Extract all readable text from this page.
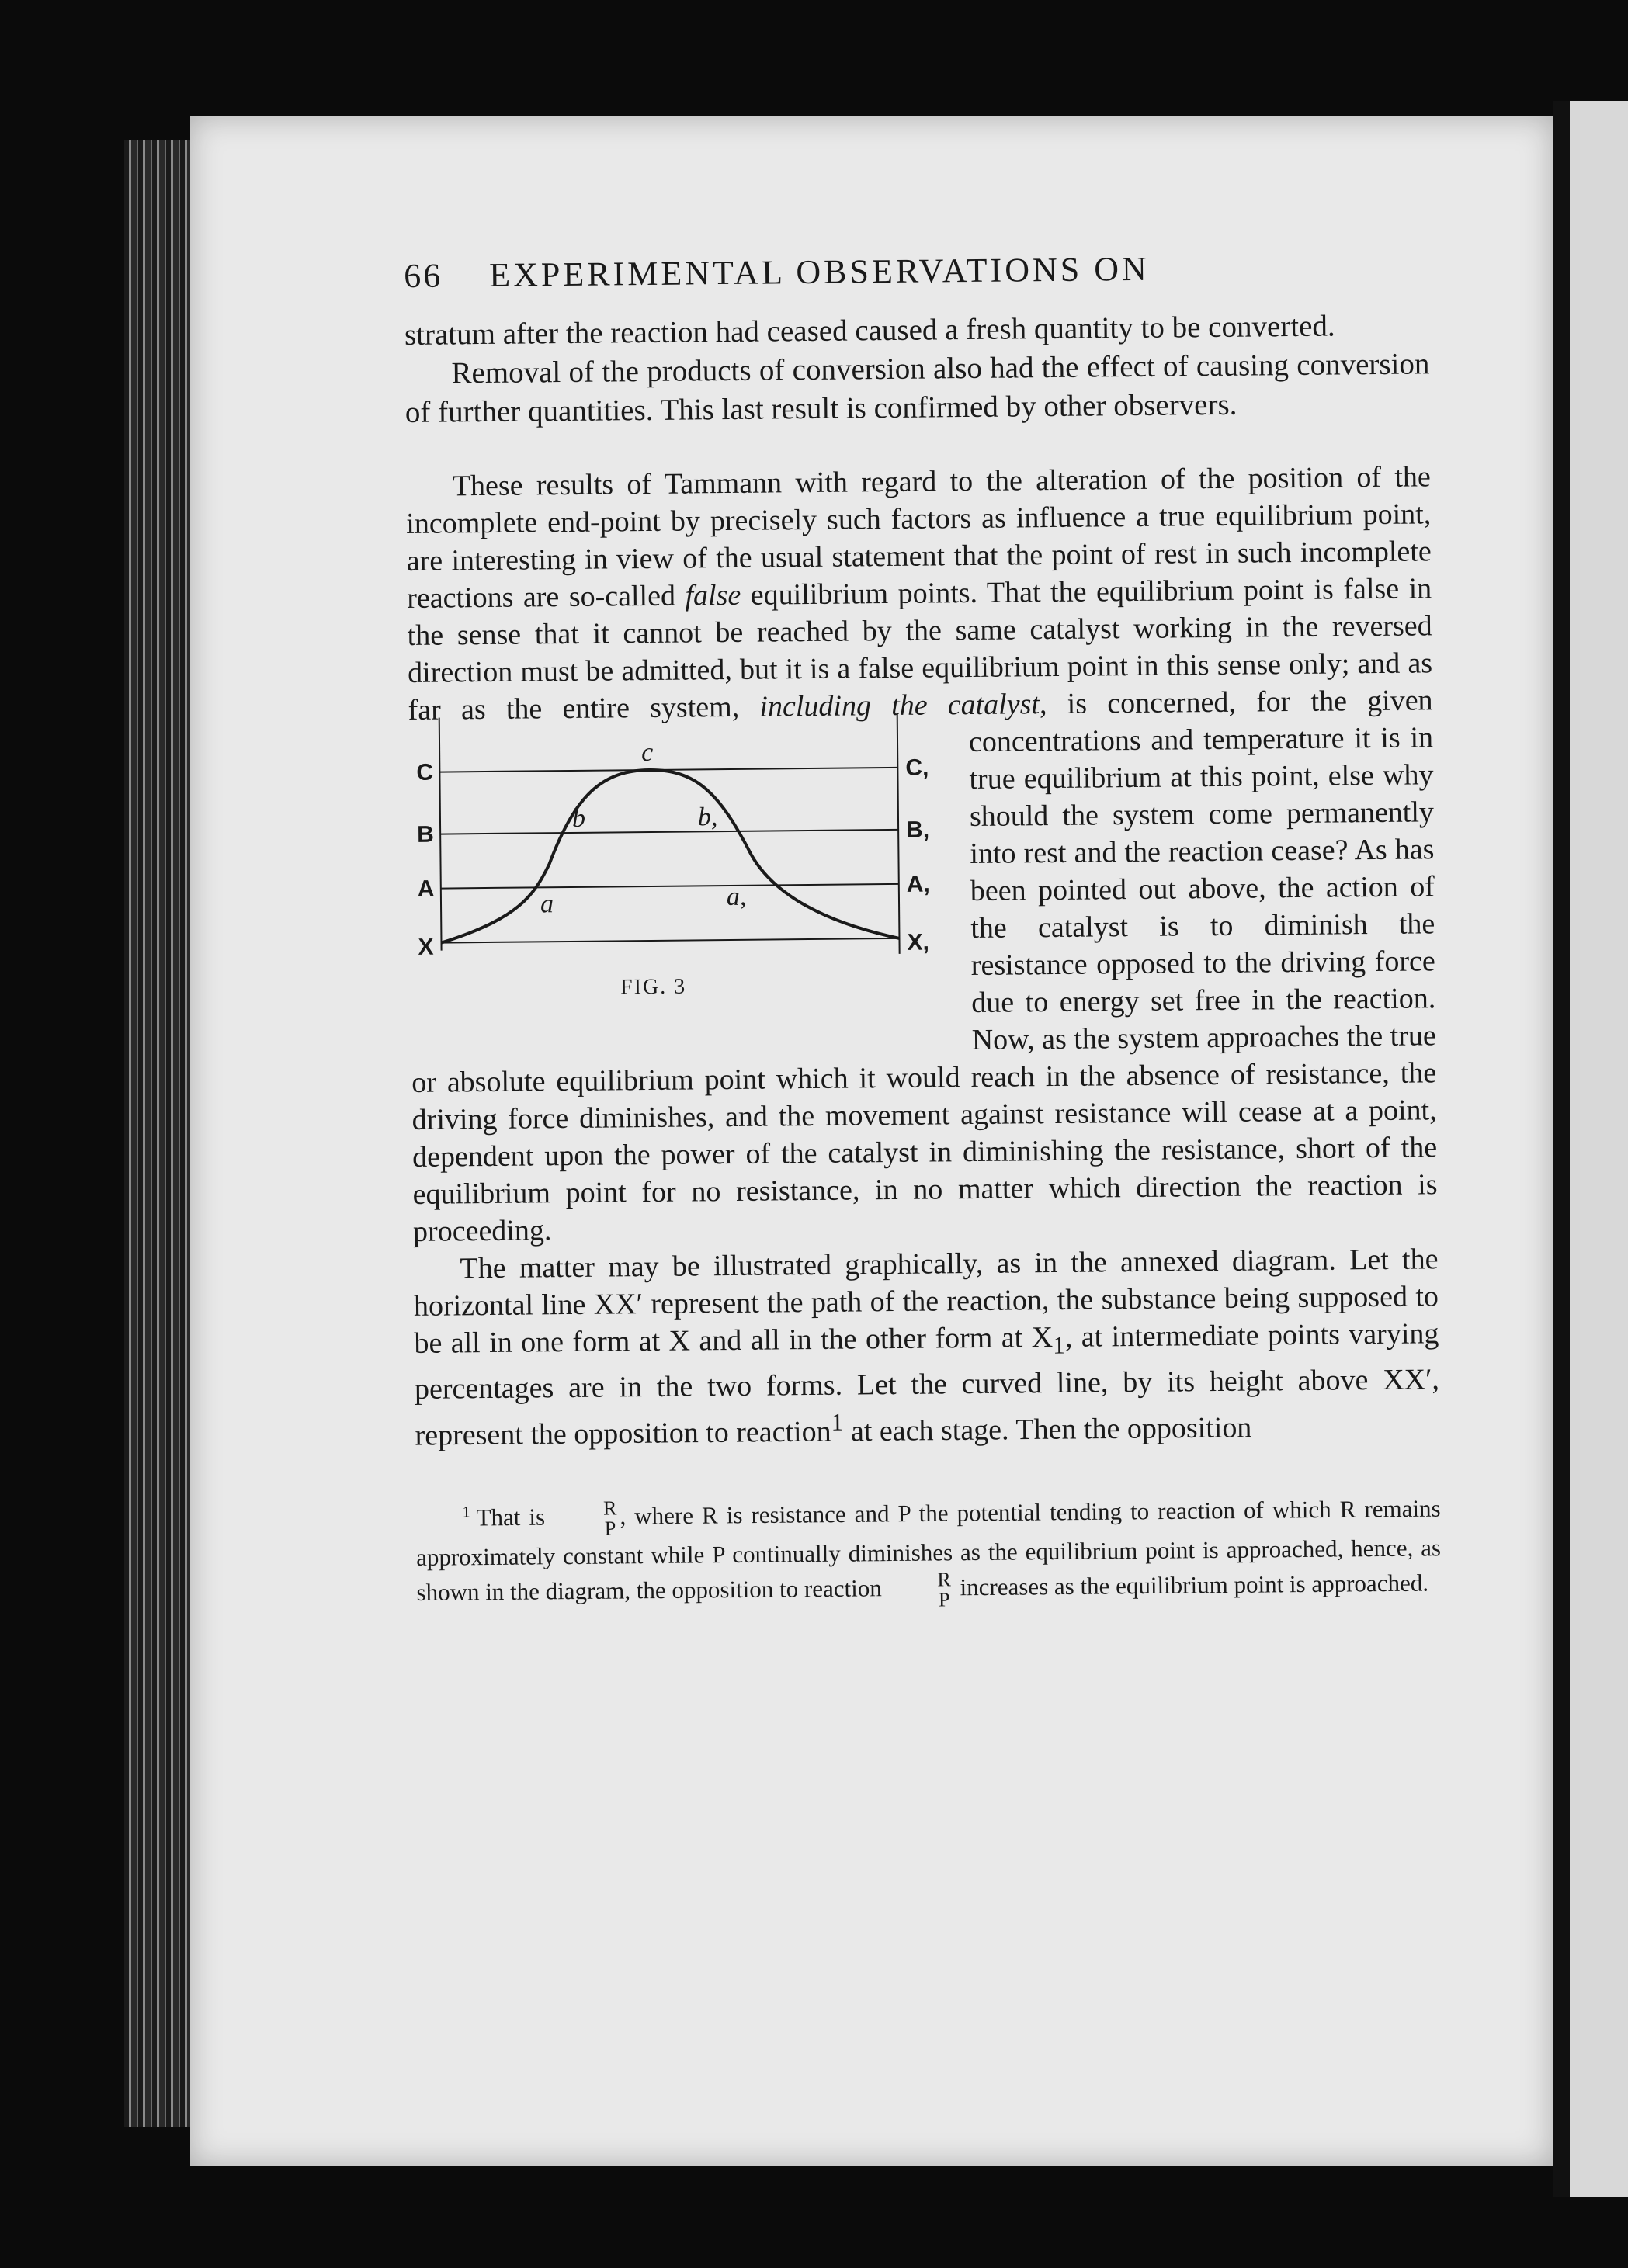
66	EXPERIMENTAL OBSERVATIONS ON

stratum after the reaction had ceased caused a fresh quantity to be converted.

Removal of the products of conversion also had the effect of causing conversion of further quantities. This last result is confirmed by other observers.

These results of Tammann with regard to the alteration of the position of the incomplete end-point by precisely such factors as influence a true equilibrium point, are interesting in view of the usual statement that the point of rest in such incomplete reactions are so-called false equilibrium points. That the equilibrium point is false in the sense that it cannot be reached by the same catalyst working in the reversed direction must be admitted, but it is a false equilibrium point in this sense only; and as far as the entire system,
C
B
A
X
C,
B,
A,
X,
c
b	b,
a	a,
FIG. 3
including the catalyst, is concerned, for the given concentrations and temperature it is in true equilibrium at this point, else why should the system come permanently into rest and the reaction cease? As has been pointed out above, the action of the catalyst is to diminish the resistance opposed to the driving force due to energy set free in the reaction. Now, as the system approaches the true or absolute equilibrium point which it would reach in the absence of resistance, the driving force diminishes, and the movement against resistance will cease at a point, dependent upon the power of the catalyst in diminishing the resistance, short of the equilibrium point for no resistance, in no matter which direction the reaction is proceeding.

The matter may be illustrated graphically, as in the annexed diagram. Let the horizontal line XX′ represent the path of the reaction, the substance being supposed to be all in one form at X and all in the other form at $X_1$, at intermediate points varying percentages are in the two forms. Let the curved line, by its height above XX′, represent the opposition to reaction$^1$ at each stage. Then the opposition

$^1$ That is	R
P , where R is resistance and P the potential tending to reaction of which R remains approximately constant while P continually diminishes as the equilibrium point is approached, hence, as shown in the diagram, the opposition to reaction	R
P increases as the equilibrium point is approached.
